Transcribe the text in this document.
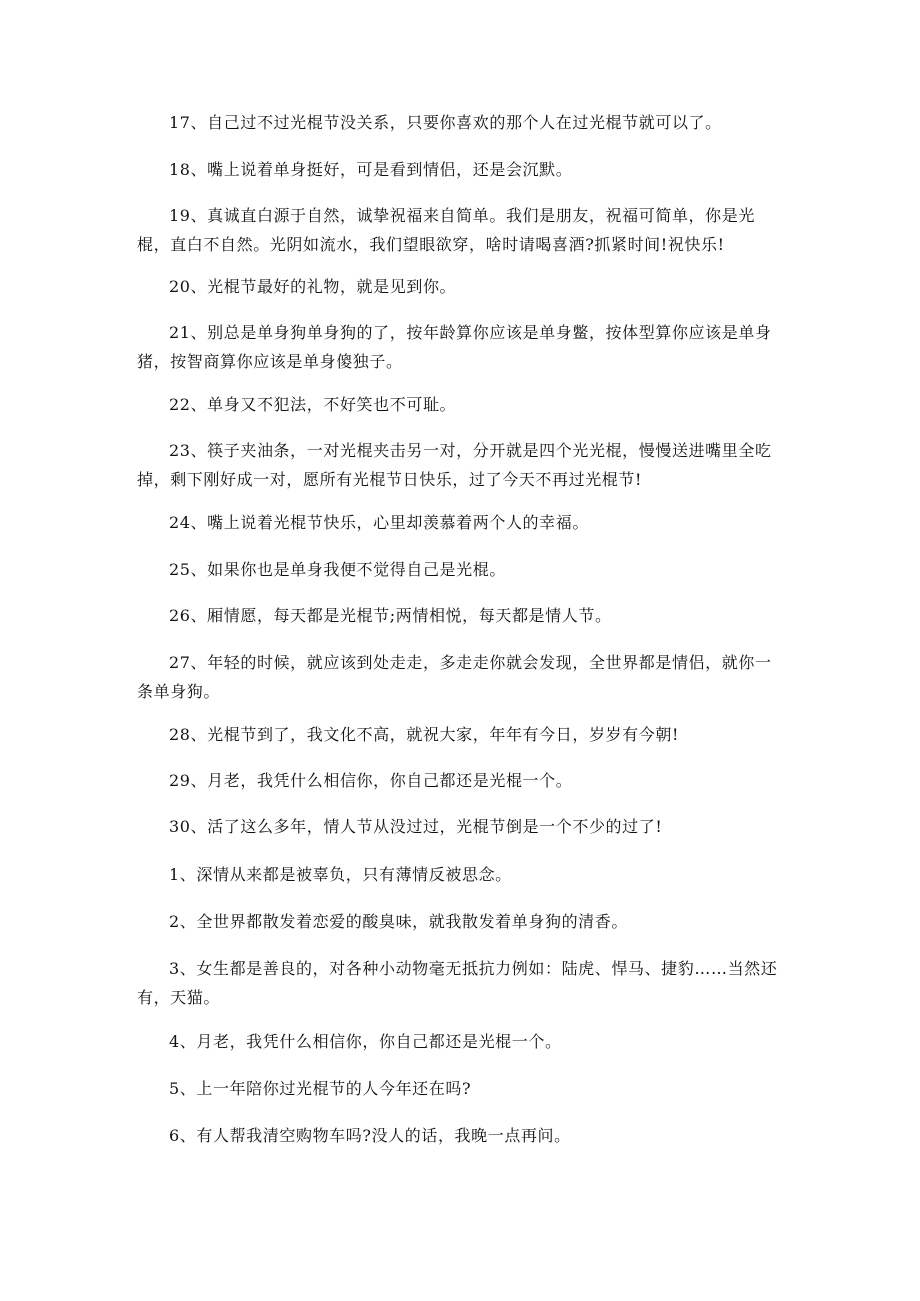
17、自己过不过光棍节没关系，只要你喜欢的那个人在过光棍节就可以了。

18、嘴上说着单身挺好，可是看到情侣，还是会沉默。

19、真诚直白源于自然，诚挚祝福来自简单。我们是朋友，祝福可简单，你是光棍，直白不自然。光阴如流水，我们望眼欲穿，啥时请喝喜酒?抓紧时间!祝快乐!

20、光棍节最好的礼物，就是见到你。

21、别总是单身狗单身狗的了，按年龄算你应该是单身鳖，按体型算你应该是单身猪，按智商算你应该是单身傻独子。

22、单身又不犯法，不好笑也不可耻。

23、筷子夹油条，一对光棍夹击另一对，分开就是四个光光棍，慢慢送进嘴里全吃掉，剩下刚好成一对，愿所有光棍节日快乐，过了今天不再过光棍节!

24、嘴上说着光棍节快乐，心里却羡慕着两个人的幸福。

25、如果你也是单身我便不觉得自己是光棍。

26、厢情愿，每天都是光棍节;两情相悦，每天都是情人节。

27、年轻的时候，就应该到处走走，多走走你就会发现，全世界都是情侣，就你一条单身狗。

28、光棍节到了，我文化不高，就祝大家，年年有今日，岁岁有今朝!

29、月老，我凭什么相信你，你自己都还是光棍一个。

30、活了这么多年，情人节从没过过，光棍节倒是一个不少的过了!

1、深情从来都是被辜负，只有薄情反被思念。

2、全世界都散发着恋爱的酸臭味，就我散发着单身狗的清香。

3、女生都是善良的，对各种小动物毫无抵抗力例如：陆虎、悍马、捷豹……当然还有，天猫。

4、月老，我凭什么相信你，你自己都还是光棍一个。

5、上一年陪你过光棍节的人今年还在吗?

6、有人帮我清空购物车吗?没人的话，我晚一点再问。
